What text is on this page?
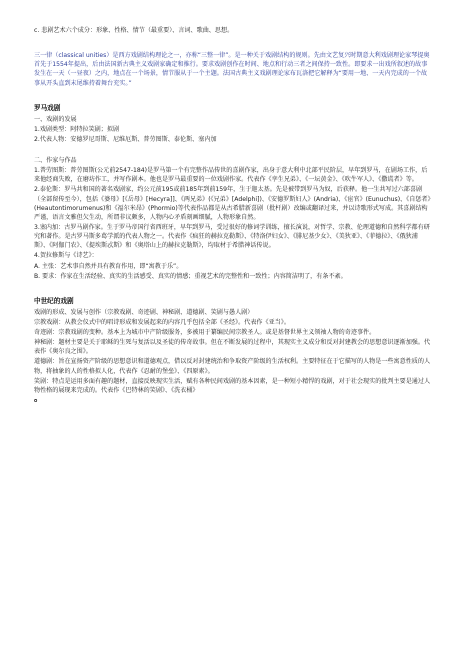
c. 悲剧艺术六个成分：形象、性格、情节（最重要）、言词、歌曲、思想。

三一律（classical unities）是西方戏剧结构理论之一，亦称“三整一律”。是一种关于戏剧结构的规则。先由文艺复兴时期意大利戏剧理论家琴提奥首先于1554年提出，后由法国新古典主义戏剧家确定和推行。要求戏剧创作在时间、地点和行动三者之间保持一致性。即要求一出戏所叙述的故事发生在一天（一昼夜）之内，地点在一个场景，情节服从于一个主题。法国古典主义戏剧理论家布瓦洛把它解释为“要用一地、一天内完成的一个故事从开头直到末尾维持着舞台充实。”

罗马戏剧

一、戏剧的发展

1.戏剧类型：阿特拉笑剧；拟剧

2.代表人物：安德罗尼哥斯、尼维厄斯、普劳图斯、泰伦斯、塞内加

二、作家与作品

1.普劳图斯：普劳图斯(公元前2547-184)是罗马第一个有完整作品传世的喜剧作家，出身于意大利中北部平民阶层，早年到罗马，在剧场工作，后来他经商失败，在磨坊作工，并写作剧本。他也是罗马最重要的一位戏剧作家。代表作《孪生兄弟》、《一坛黄金》、《吹牛军人》、《撒谎者》等。

2.泰伦斯：罗马共和国的著名戏剧家，约公元前195或前185年到前159年，生于迦太基。先是被带到罗马为奴，后获释。他一生共写过六部喜剧（全部留传至今），包括《婆母》[《岳母》[Hecyra]]、《两兄弟》(《兄弟》[Adelphi])、《安德罗斯妇人》(Andria)、《宦官》(Eunuchus)、《自惩者》(Heautontimorumenus)和《福尔米昂》(Phormio)等代表作品都是从古希腊新喜剧（批杆剧）改编或翻译过来，并以诗歌形式写成。其喜剧结构严谨，语言文雅但欠生动，所谓非议颇多，人物内心矛盾刻画细腻，人物形象自然。

3.塞内加：古罗马剧作家。生于罗马帝国行省西班牙，早年到罗马，受过很好的修词学训练，擅长演说，对哲学、宗教、伦理道德和自然科学都有研究和著作。是古罗马斯多葛学派的代表人物之一。代表作《疯狂的赫拉克勒斯》、《特洛伊妇女》、《腓尼基少女》、《美狄亚》、《菲德拉》、《俄狄浦斯》、《阿伽门农》、《提埃斯忒斯》和《奥塔山上的赫拉克勒斯》，均取材于希腊神话传说。

4.贺拉修斯与《诗艺》：

A. 主张：艺术事自然并具有教育作用，即“寓教于乐”。

B. 要求：作家在生活经验、真实的生活感受、真实的情感；重视艺术的完整性和一致性；内容简洁明了，有条不紊。

中世纪的戏剧

戏剧的形成、发展与创作（宗教戏剧、奇迹剧、神秘剧、道德剧、笑剧与愚人剧）

宗教戏剧：从教会仪式中的唱诗形成和发展起来的内容几乎包括全部《圣经》。代表作《亚当》。

奇迹剧：宗教戏剧的变种。基本上为城市中产阶级服务，多被用于纂编民间宗教圣人。或是基督世界主义领袖人物的奇迹事件。

神秘剧：题材主要是关于耶稣的生死与复活以及圣徒的传奇故事。但在不断发展的过程中，其现实主义成分和反对封建教会的思想意识逐渐加强。代表作《奥尔良之围》。

道德剧：旨在宣扬资产阶级的思想意识和道德观点，借以反对封建统治和争取资产阶级的生活权利。主要特征在于它描写的人物是一些寓意性质的人物，将抽象的人的性格拟人化，代表作《忍耐的堡垒》、《四原素》。

笑剧：特点是运用多面有趣的题材，直接反映现实生活，赋有各种民间戏剧的基本因素，是一种短小精悍的戏剧，对于社会现实的批判主要是通过人物性格的展现来完成的。代表作《巴特林的笑剧》、《洗衣桶》

。
